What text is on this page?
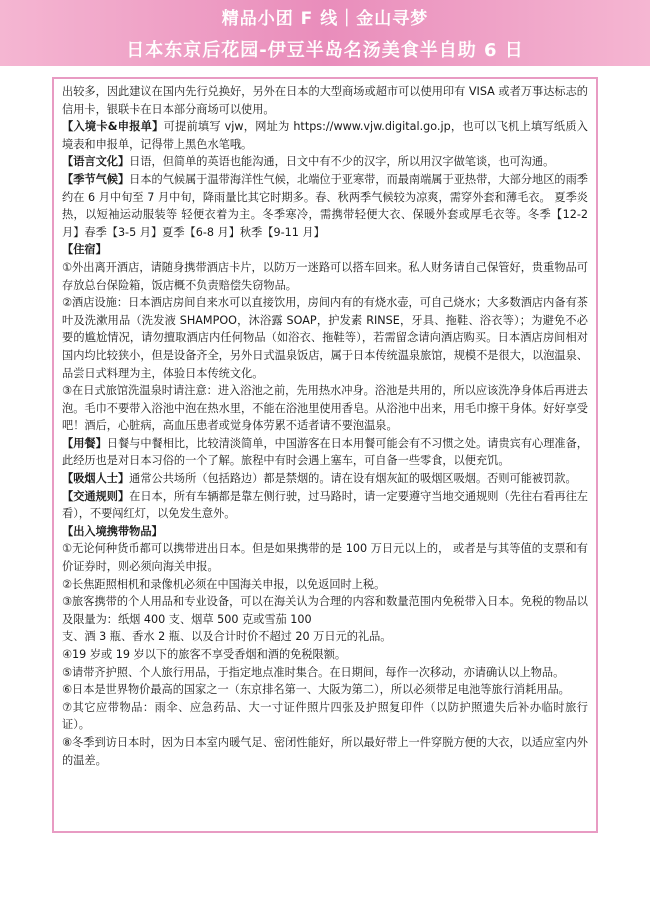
精品小团 F 线｜金山寻梦
日本东京后花园-伊豆半岛名汤美食半自助 6 日

出较多，因此建议在国内先行兑换好，另外在日本的大型商场或超市可以使用印有 VISA 或者万事达标志的信用卡，银联卡在日本部分商场可以使用。

【入境卡&申报单】可提前填写 vjw，网址为 https://www.vjw.digital.go.jp，也可以飞机上填写纸质入境表和申报单，记得带上黑色水笔哦。

【语言文化】日语，但简单的英语也能沟通，日文中有不少的汉字，所以用汉字做笔谈，也可沟通。

【季节气候】日本的气候属于温带海洋性气候，北端位于亚寒带，而最南端属于亚热带，大部分地区的雨季约在 6 月中旬至 7 月中旬，降雨量比其它时期多。春、秋两季气候较为凉爽，需穿外套和薄毛衣。 夏季炎热，以短袖运动服装等 轻便衣着为主。冬季寒冷，需携带轻便大衣、保暖外套或厚毛衣等。冬季【12-2 月】春季【3-5 月】夏季【6-8 月】秋季【9-11 月】

【住宿】

①外出离开酒店，请随身携带酒店卡片，以防万一迷路可以搭车回来。私人财务请自己保管好，贵重物品可存放总台保险箱，饭店概不负责赔偿失窃物品。

②酒店设施：日本酒店房间自来水可以直接饮用，房间内有的有烧水壶，可自己烧水；大多数酒店内备有茶叶及洗漱用品（洗发液 SHAMPOO，沐浴露 SOAP，护发素 RINSE，牙具、拖鞋、浴衣等）；为避免不必要的尴尬情况，请勿擅取酒店内任何物品（如浴衣、拖鞋等），若需留念请向酒店购买。日本酒店房间相对国内均比较狭小，但是设备齐全，另外日式温泉饭店，属于日本传统温泉旅馆，规模不是很大，以泡温泉、品尝日式料理为主，体验日本传统文化。

③在日式旅馆洗温泉时请注意：进入浴池之前，先用热水冲身。浴池是共用的，所以应该洗净身体后再进去泡。毛巾不要带入浴池中泡在热水里，不能在浴池里使用香皂。从浴池中出来，用毛巾擦干身体。好好享受吧！酒后，心脏病，高血压患者或觉身体劳累不适者请不要泡温泉。

【用餐】日餐与中餐相比，比较清淡简单，中国游客在日本用餐可能会有不习惯之处。请贵宾有心理准备，此经历也是对日本习俗的一个了解。旅程中有时会遇上塞车，可自备一些零食，以便充饥。

【吸烟人士】通常公共场所（包括路边）都是禁烟的。请在设有烟灰缸的吸烟区吸烟。否则可能被罚款。

【交通规则】在日本，所有车辆都是靠左侧行驶，过马路时，请一定要遵守当地交通规则（先往右看再往左看），不要闯红灯，以免发生意外。

【出入境携带物品】

①无论何种货币都可以携带进出日本。但是如果携带的是 100 万日元以上的， 或者是与其等值的支票和有价证券时，则必须向海关申报。

②长焦距照相机和录像机必须在中国海关申报，以免返回时上税。

③旅客携带的个人用品和专业设备，可以在海关认为合理的内容和数量范围内免税带入日本。免税的物品以及限量为：纸烟 400 支、烟草 500 克或雪茄 100

支、酒 3 瓶、香水 2 瓶、以及合计时价不超过 20 万日元的礼品。

④19 岁或 19 岁以下的旅客不享受香烟和酒的免税限额。

⑤请带齐护照、个人旅行用品，于指定地点准时集合。在日期间，每作一次移动，亦请确认以上物品。

⑥日本是世界物价最高的国家之一（东京排名第一、大阪为第二），所以必须带足电池等旅行消耗用品。

⑦其它应带物品：雨伞、应急药品、大一寸证件照片四张及护照复印件（以防护照遗失后补办临时旅行证）。

⑧冬季到访日本时，因为日本室内暖气足、密闭性能好，所以最好带上一件穿脱方便的大衣，以适应室内外的温差。
